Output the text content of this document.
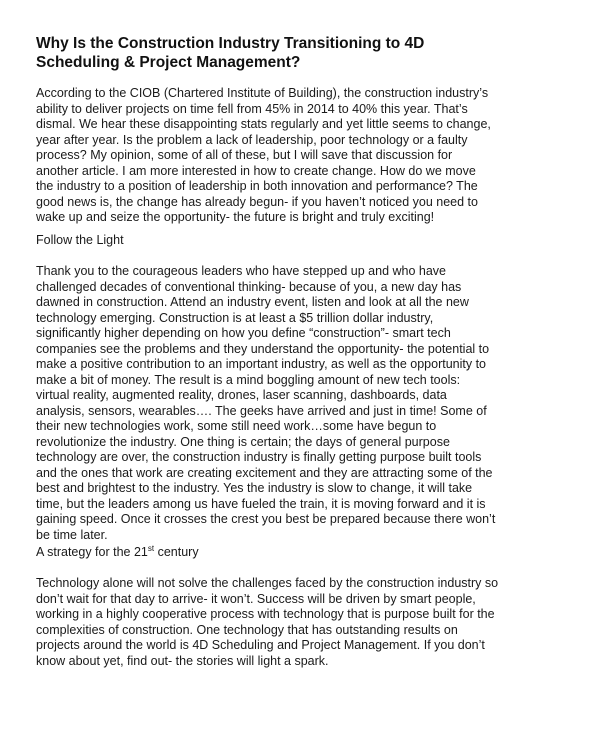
Why Is the Construction Industry Transitioning to 4D
Scheduling & Project Management?
According to the CIOB (Chartered Institute of Building), the construction industry’s
ability to deliver projects on time fell from 45% in 2014 to 40% this year. That’s
dismal. We hear these disappointing stats regularly and yet little seems to change,
year after year. Is the problem a lack of leadership, poor technology or a faulty
process? My opinion, some of all of these, but I will save that discussion for
another article. I am more interested in how to create change. How do we move
the industry to a position of leadership in both innovation and performance? The
good news is, the change has already begun- if you haven’t noticed you need to
wake up and seize the opportunity- the future is bright and truly exciting!
Follow the Light
Thank you to the courageous leaders who have stepped up and who have
challenged decades of conventional thinking- because of you, a new day has
dawned in construction. Attend an industry event, listen and look at all the new
technology emerging. Construction is at least a $5 trillion dollar industry,
significantly higher depending on how you define “construction”- smart tech
companies see the problems and they understand the opportunity- the potential to
make a positive contribution to an important industry, as well as the opportunity to
make a bit of money. The result is a mind boggling amount of new tech tools:
virtual reality, augmented reality, drones, laser scanning, dashboards, data
analysis, sensors, wearables…. The geeks have arrived and just in time! Some of
their new technologies work, some still need work…some have begun to
revolutionize the industry. One thing is certain; the days of general purpose
technology are over, the construction industry is finally getting purpose built tools
and the ones that work are creating excitement and they are attracting some of the
best and brightest to the industry. Yes the industry is slow to change, it will take
time, but the leaders among us have fueled the train, it is moving forward and it is
gaining speed. Once it crosses the crest you best be prepared because there won’t
be time later.
A strategy for the 21st century
Technology alone will not solve the challenges faced by the construction industry so
don’t wait for that day to arrive- it won’t. Success will be driven by smart people,
working in a highly cooperative process with technology that is purpose built for the
complexities of construction. One technology that has outstanding results on
projects around the world is 4D Scheduling and Project Management. If you don’t
know about yet, find out- the stories will light a spark.
